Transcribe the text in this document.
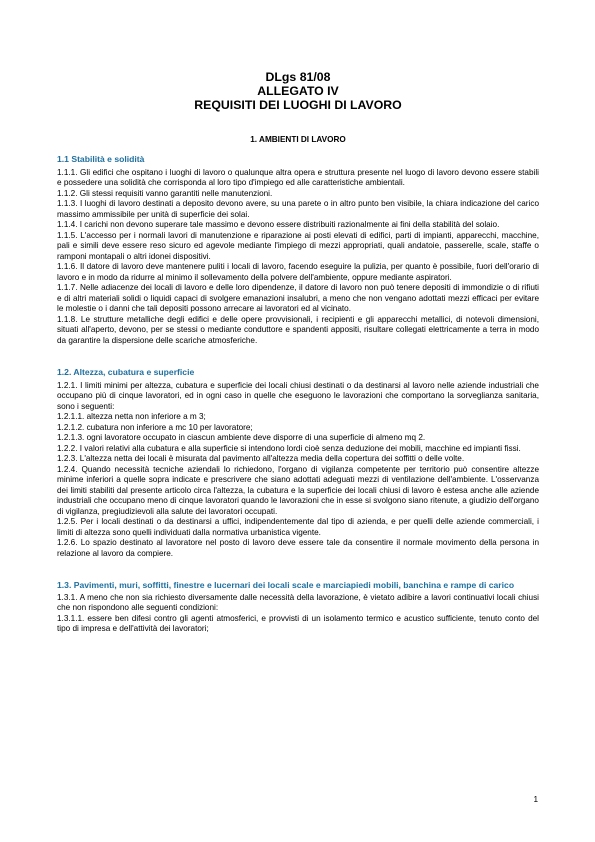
DLgs 81/08
ALLEGATO IV
REQUISITI DEI LUOGHI DI LAVORO
1. AMBIENTI DI LAVORO

1.1 Stabilità e solidità

1.1.1. Gli edifici che ospitano i luoghi di lavoro o qualunque altra opera e struttura presente nel luogo di lavoro devono essere stabili e possedere una solidità che corrisponda al loro tipo d'impiego ed alle caratteristiche ambientali.

1.1.2. Gli stessi requisiti vanno garantiti nelle manutenzioni.

1.1.3. I luoghi di lavoro destinati a deposito devono avere, su una parete o in altro punto ben visibile, la chiara indicazione del carico massimo ammissibile per unità di superficie dei solai.

1.1.4. I carichi non devono superare tale massimo e devono essere distribuiti razionalmente ai fini della stabilità del solaio.

1.1.5. L'accesso per i normali lavori di manutenzione e riparazione ai posti elevati di edifici, parti di impianti, apparecchi, macchine, pali e simili deve essere reso sicuro ed agevole mediante l'impiego di mezzi appropriati, quali andatoie, passerelle, scale, staffe o ramponi montapali o altri idonei dispositivi.

1.1.6. Il datore di lavoro deve mantenere puliti i locali di lavoro, facendo eseguire la pulizia, per quanto è possibile, fuori dell'orario di lavoro e in modo da ridurre al minimo il sollevamento della polvere dell'ambiente, oppure mediante aspiratori.

1.1.7. Nelle adiacenze dei locali di lavoro e delle loro dipendenze, il datore di lavoro non può tenere depositi di immondizie o di rifiuti e di altri materiali solidi o liquidi capaci di svolgere emanazioni insalubri, a meno che non vengano adottati mezzi efficaci per evitare le molestie o i danni che tali depositi possono arrecare ai lavoratori ed al vicinato.

1.1.8. Le strutture metalliche degli edifici e delle opere provvisionali, i recipienti e gli apparecchi metallici, di notevoli dimensioni, situati all'aperto, devono, per se stessi o mediante conduttore e spandenti appositi, risultare collegati elettricamente a terra in modo da garantire la dispersione delle scariche atmosferiche.

1.2. Altezza, cubatura e superficie

1.2.1. I limiti minimi per altezza, cubatura e superficie dei locali chiusi destinati o da destinarsi al lavoro nelle aziende industriali che occupano più di cinque lavoratori, ed in ogni caso in quelle che eseguono le lavorazioni che comportano la sorveglianza sanitaria, sono i seguenti:

1.2.1.1. altezza netta non inferiore a m 3;

1.2.1.2. cubatura non inferiore a mc 10 per lavoratore;

1.2.1.3. ogni lavoratore occupato in ciascun ambiente deve disporre di una superficie di almeno mq 2.

1.2.2. I valori relativi alla cubatura e alla superficie si intendono lordi cioè senza deduzione dei mobili, macchine ed impianti fissi.

1.2.3. L'altezza netta dei locali è misurata dal pavimento all'altezza media della copertura dei soffitti o delle volte.

1.2.4. Quando necessità tecniche aziendali lo richiedono, l'organo di vigilanza competente per territorio può consentire altezze minime inferiori a quelle sopra indicate e prescrivere che siano adottati adeguati mezzi di ventilazione dell'ambiente. L'osservanza dei limiti stabiliti dal presente articolo circa l'altezza, la cubatura e la superficie dei locali chiusi di lavoro è estesa anche alle aziende industriali che occupano meno di cinque lavoratori quando le lavorazioni che in esse si svolgono siano ritenute, a giudizio dell'organo di vigilanza, pregiudizievoli alla salute dei lavoratori occupati.

1.2.5. Per i locali destinati o da destinarsi a uffici, indipendentemente dal tipo di azienda, e per quelli delle aziende commerciali, i limiti di altezza sono quelli individuati dalla normativa urbanistica vigente.

1.2.6. Lo spazio destinato al lavoratore nel posto di lavoro deve essere tale da consentire il normale movimento della persona in relazione al lavoro da compiere.

1.3. Pavimenti, muri, soffitti, finestre e lucernari dei locali scale e marciapiedi mobili, banchina e rampe di carico

1.3.1. A meno che non sia richiesto diversamente dalle necessità della lavorazione, è vietato adibire a lavori continuativi locali chiusi che non rispondono alle seguenti condizioni:

1.3.1.1. essere ben difesi contro gli agenti atmosferici, e provvisti di un isolamento termico e acustico sufficiente, tenuto conto del tipo di impresa e dell'attività dei lavoratori;

1
